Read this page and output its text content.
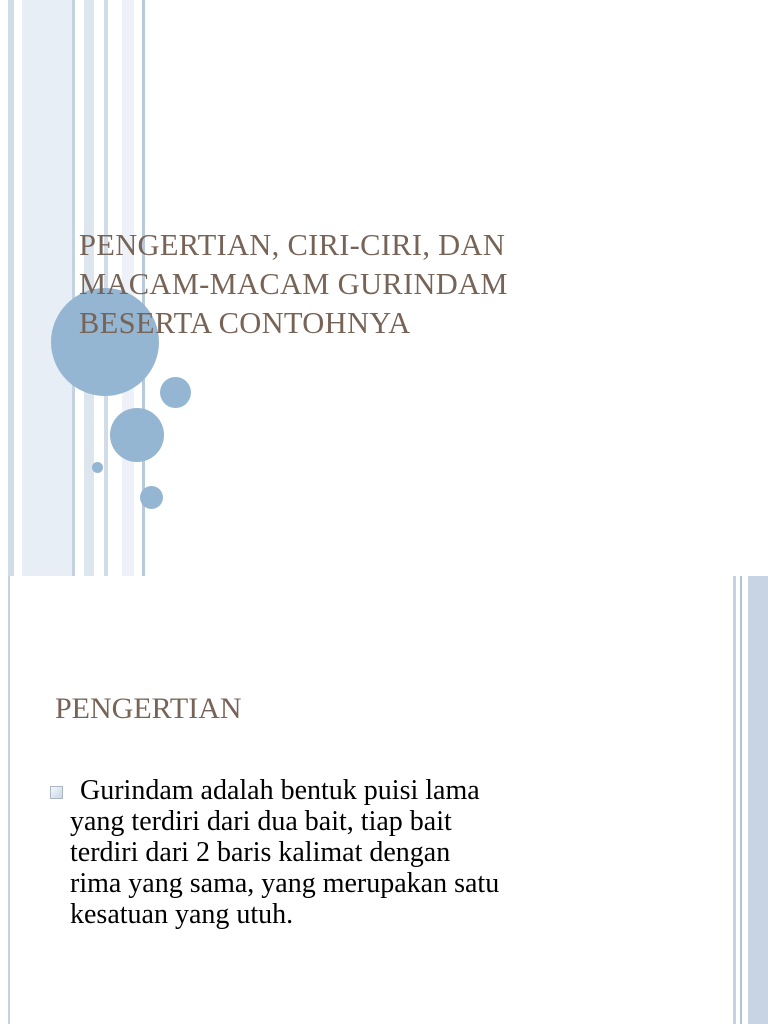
PENGERTIAN, CIRI-CIRI, DAN
MACAM-MACAM GURINDAM
BESERTA CONTOHNYA
PENGERTIAN
Gurindam adalah bentuk puisi lama
yang terdiri dari dua bait, tiap bait
terdiri dari 2 baris kalimat dengan
rima yang sama, yang merupakan satu
kesatuan yang utuh.
